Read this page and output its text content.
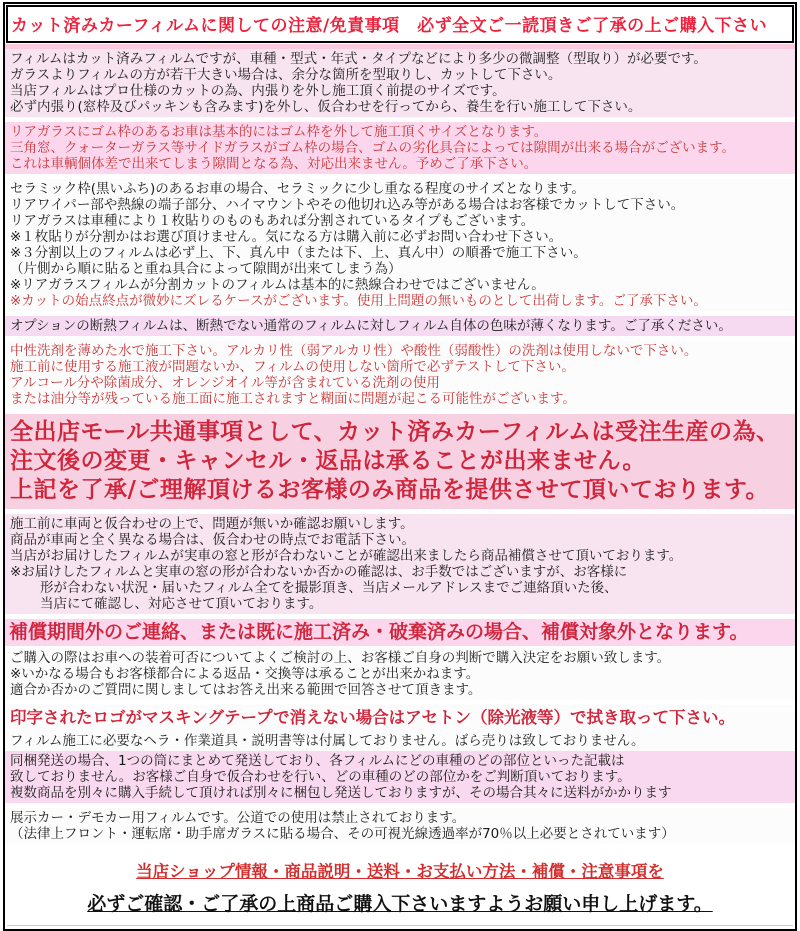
カット済みカーフィルムに関しての注意/免責事項　必ず全文ご一読頂きご了承の上ご購入下さい
フィルムはカット済みフィルムですが、車種・型式・年式・タイプなどにより多少の微調整（型取り）が必要です。
ガラスよりフィルムの方が若干大きい場合は、余分な箇所を型取りし、カットして下さい。
当店フィルムはプロ仕様のカットの為、内張りを外し施工頂く前提のサイズです。
必ず内張り(窓枠及びパッキンも含みます)を外し、仮合わせを行ってから、養生を行い施工して下さい。
リアガラスにゴム枠のあるお車は基本的にはゴム枠を外して施工頂くサイズとなります。
三角窓、クォーターガラス等サイドガラスがゴム枠の場合、ゴムの劣化具合によっては隙間が出来る場合がございます。
これは車輌個体差で出来てしまう隙間となる為、対応出来ません。予めご了承下さい。
セラミック枠(黒いふち)のあるお車の場合、セラミックに少し重なる程度のサイズとなります。
リアワイパー部や熱線の端子部分、ハイマウントやその他切れ込み等がある場合はお客様でカットして下さい。
リアガラスは車種により１枚貼りのものもあれば分割されているタイプもございます。
※１枚貼りが分割かはお選び頂けません。気になる方は購入前に必ずお問い合わせ下さい。
※３分割以上のフィルムは必ず上、下、真ん中（または下、上、真ん中）の順番で施工下さい。
（片側から順に貼ると重ね具合によって隙間が出来てしまう為）
※リアガラスフィルムが分割カットのフィルムは基本的に熱線合わせではございません。
※カットの始点終点が微妙にズレるケースがございます。使用上問題の無いものとして出荷します。ご了承下さい。
オプションの断熱フィルムは、断熱でない通常のフィルムに対しフィルム自体の色味が薄くなります。ご了承ください。
中性洗剤を薄めた水で施工下さい。アルカリ性（弱アルカリ性）や酸性（弱酸性）の洗剤は使用しないで下さい。
施工前に使用する施工液が問題ないか、フィルムの使用しない箇所で必ずテストして下さい。
アルコール分や除菌成分、オレンジオイル等が含まれている洗剤の使用
または油分等が残っている施工面に施工されますと糊面に問題が起こる可能性がございます。
全出店モール共通事項として、カット済みカーフィルムは受注生産の為、
注文後の変更・キャンセル・返品は承ることが出来ません。
上記を了承/ご理解頂けるお客様のみ商品を提供させて頂いております。
施工前に車両と仮合わせの上で、問題が無いか確認お願いします。
商品が車両と全く異なる場合は、仮合わせの時点でお電話下さい。
当店がお届けしたフィルムが実車の窓と形が合わないことが確認出来ましたら商品補償させて頂いております。
※お届けしたフィルムと実車の窓の形が合わないか否かの確認は、お手数ではございますが、お客様に
形が合わない状況・届いたフィルム全てを撮影頂き、当店メールアドレスまでご連絡頂いた後、
当店にて確認し、対応させて頂いております。
補償期間外のご連絡、または既に施工済み・破棄済みの場合、補償対象外となります。
ご購入の際はお車への装着可否についてよくご検討の上、お客様ご自身の判断で購入決定をお願い致します。
※いかなる場合もお客様都合による返品・交換等は承ることが出来かねます。
適合か否かのご質問に関しましてはお答え出来る範囲で回答させて頂きます。
印字されたロゴがマスキングテープで消えない場合はアセトン（除光液等）で拭き取って下さい。
フィルム施工に必要なヘラ・作業道具・説明書等は付属しておりません。ばら売りは致しておりません。
同梱発送の場合、1つの筒にまとめて発送しており、各フィルムにどの車種のどの部位といった記載は
致しておりません。お客様ご自身で仮合わせを行い、どの車種のどの部位かをご判断頂いております。
複数商品を別々に購入手続して頂ければ別々に梱包し発送しておりますが、その場合其々に送料がかかります
展示カー・デモカー用フィルムです。公道での使用は禁止されております。
（法律上フロント・運転席・助手席ガラスに貼る場合、その可視光線透過率が70％以上必要とされています）
当店ショップ情報・商品説明・送料・お支払い方法・補償・注意事項を
必ずご確認・ご了承の上商品ご購入下さいますようお願い申し上げます。
